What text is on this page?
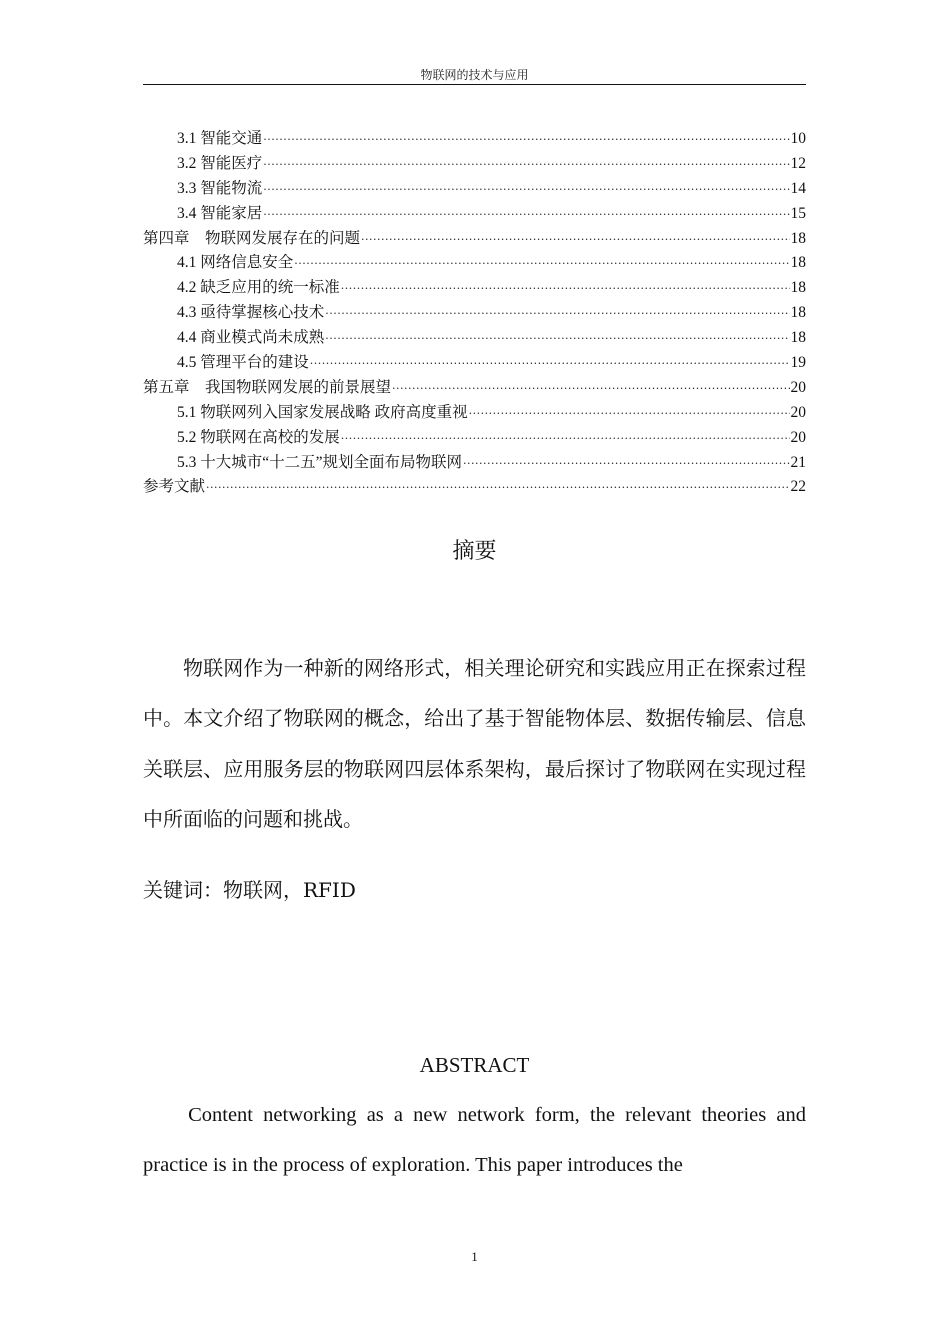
物联网的技术与应用
3.1 智能交通 ·····	10
3.2 智能医疗 ·····	12
3.3 智能物流 ·····	14
3.4 智能家居 ·····	15
第四章　物联网发展存在的问题 ·····	18
4.1 网络信息安全 ·····	18
4.2 缺乏应用的统一标准 ·····	18
4.3 亟待掌握核心技术 ·····	18
4.4 商业模式尚未成熟 ·····	18
4.5 管理平台的建设 ·····	19
第五章　我国物联网发展的前景展望 ·····	20
5.1 物联网列入国家发展战略 政府高度重视 ·····	20
5.2 物联网在高校的发展 ·····	20
5.3 十大城市“十二五”规划全面布局物联网 ·····	21
参考文献 ·····	22
摘要

物联网作为一种新的网络形式，相关理论研究和实践应用正在探索过程中。本文介绍了物联网的概念，给出了基于智能物体层、数据传输层、信息关联层、应用服务层的物联网四层体系架构，最后探讨了物联网在实现过程中所面临的问题和挑战。

关键词：物联网，RFID
ABSTRACT

Content networking as a new network form, the relevant theories and practice is in the process of exploration. This paper introduces the

1
